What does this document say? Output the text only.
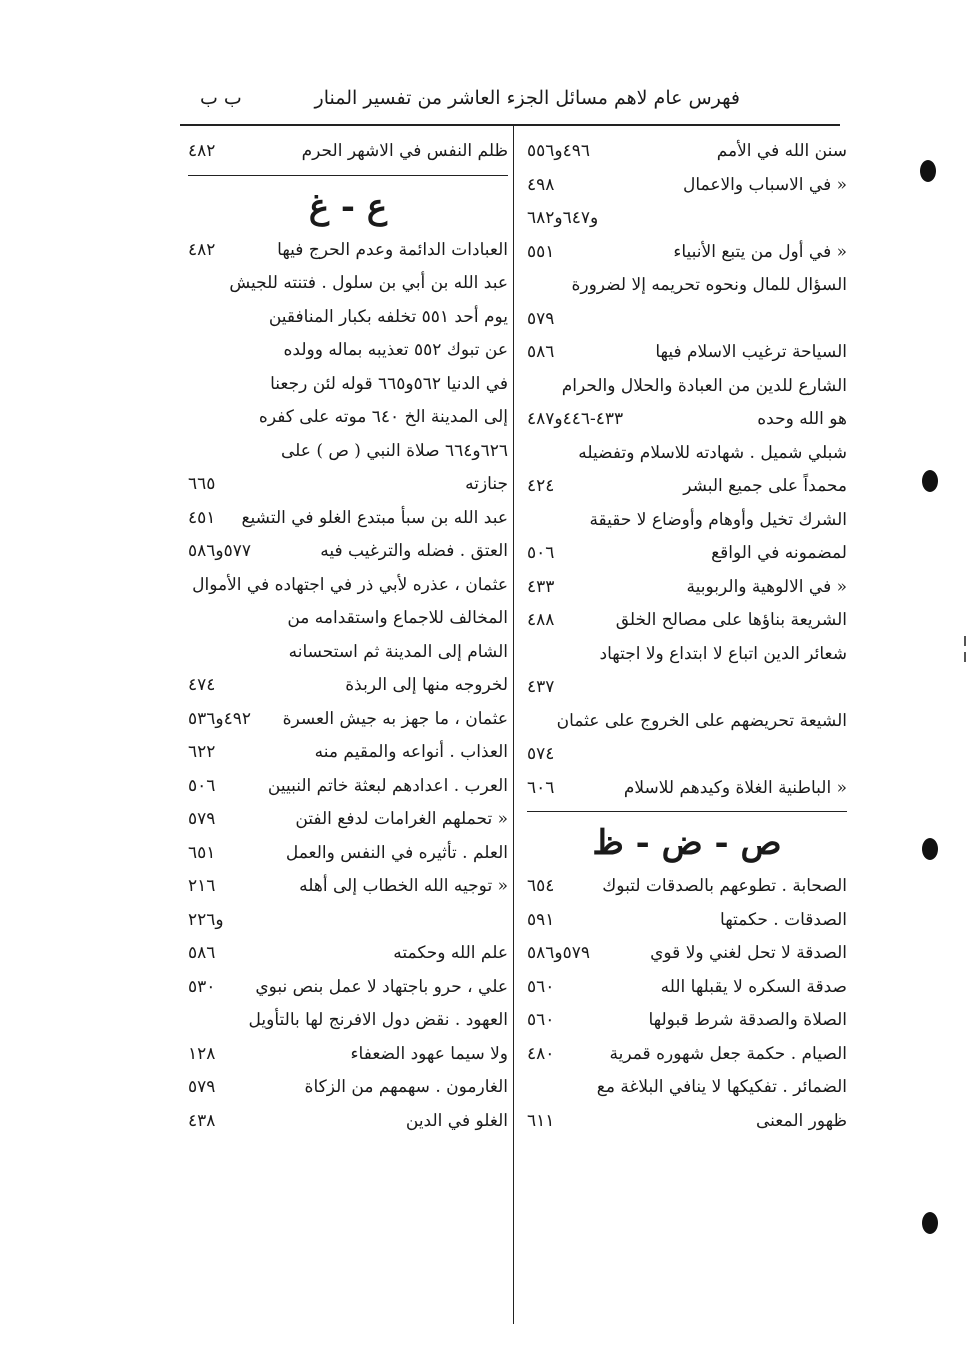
فهرس عام لاهم مسائل الجزء العاشر من تفسير المنار
ب ب
سنن الله في الأمم
٤٩٦و٥٥٦
« في الاسباب والاعمال
٤٩٨
و٦٤٧و٦٨٢
« في أول من يتبع الأنبياء
٥٥١
السؤال للمال ونحوه تحريمه إلا لضرورة
٥٧٩
السياحة ترغيب الاسلام فيها
٥٨٦
الشارع للدين من العبادة والحلال والحرام
هو الله وحده
٤٣٣-٤٤٦و٤٨٧
شبلي شميل . شهادته للاسلام وتفضيله
محمداً على جميع البشر
٤٢٤
الشرك تخيل وأوهام وأوضاع لا حقيقة
لمضمونه في الواقع
٥٠٦
« في الالوهية والربوبية
٤٣٣
الشريعة بناؤها على مصالح الخلق
٤٨٨
شعائر الدين اتباع لا ابتداع ولا اجتهاد
٤٣٧
الشيعة تحريضهم على الخروج على عثمان
٥٧٤
« الباطنية الغلاة وكيدهم للاسلام
٦٠٦
ص - ض - ظ
الصحابة . تطوعهم بالصدقات لتبوك
٦٥٤
الصدقات . حكمتها
٥٩١
الصدقة لا تحل لغني ولا قوي
٥٧٩و٥٨٦
صدقة السكره لا يقبلها الله
٥٦٠
الصلاة والصدقة شرط قبولها
٥٦٠
الصيام . حكمة جعل شهوره قمرية
٤٨٠
الضمائر . تفكيكها لا ينافي البلاغة مع
ظهور المعنى
٦١١
ظلم النفس في الاشهر الحرم
٤٨٢
ع - غ
العبادات الدائمة وعدم الحرج فيها
٤٨٢
عبد الله بن أبي بن سلول . فتنته للجيش
يوم أحد ٥٥١ تخلفه بكبار المنافقين
عن تبوك ٥٥٢ تعذيبه بماله وولده
في الدنيا ٥٦٢و٦٦٥ قوله لئن رجعنا
إلى المدينة الخ ٦٤٠ موته على كفره
٦٢٦و٦٦٤ صلاة النبي ( ص ) على
جنازته
٦٦٥
عبد الله بن سبأ مبتدع الغلو في التشيع
٤٥١
العتق . فضله والترغيب فيه
٥٧٧و٥٨٦
عثمان ، عذره لأبي ذر في اجتهاده في الأموال
المخالف للاجماع واستقدامه من
الشام إلى المدينة ثم استحسانه
لخروجه منها إلى الربذة
٤٧٤
عثمان ، ما جهز به جيش العسرة
٤٩٢و٥٣٦
العذاب . أنواعه والمقيم منه
٦٢٢
العرب . اعدادهم لبعثة خاتم النبيين
٥٠٦
« تحملهم الغرامات لدفع الفتن
٥٧٩
العلم . تأثيره في النفس والعمل
٦٥١
« توجيه الله الخطاب إلى أهله
٢١٦
و٢٢٦
علم الله وحكمته
٥٨٦
علي ، حرو باجتهاد لا عمل بنص نبوي
٥٣٠
العهود . نقض دول الافرنج لها بالتأويل
ولا سيما عهود الضعفاء
١٢٨
الغارمون . سهمهم من الزكاة
٥٧٩
الغلو في الدين
٤٣٨
